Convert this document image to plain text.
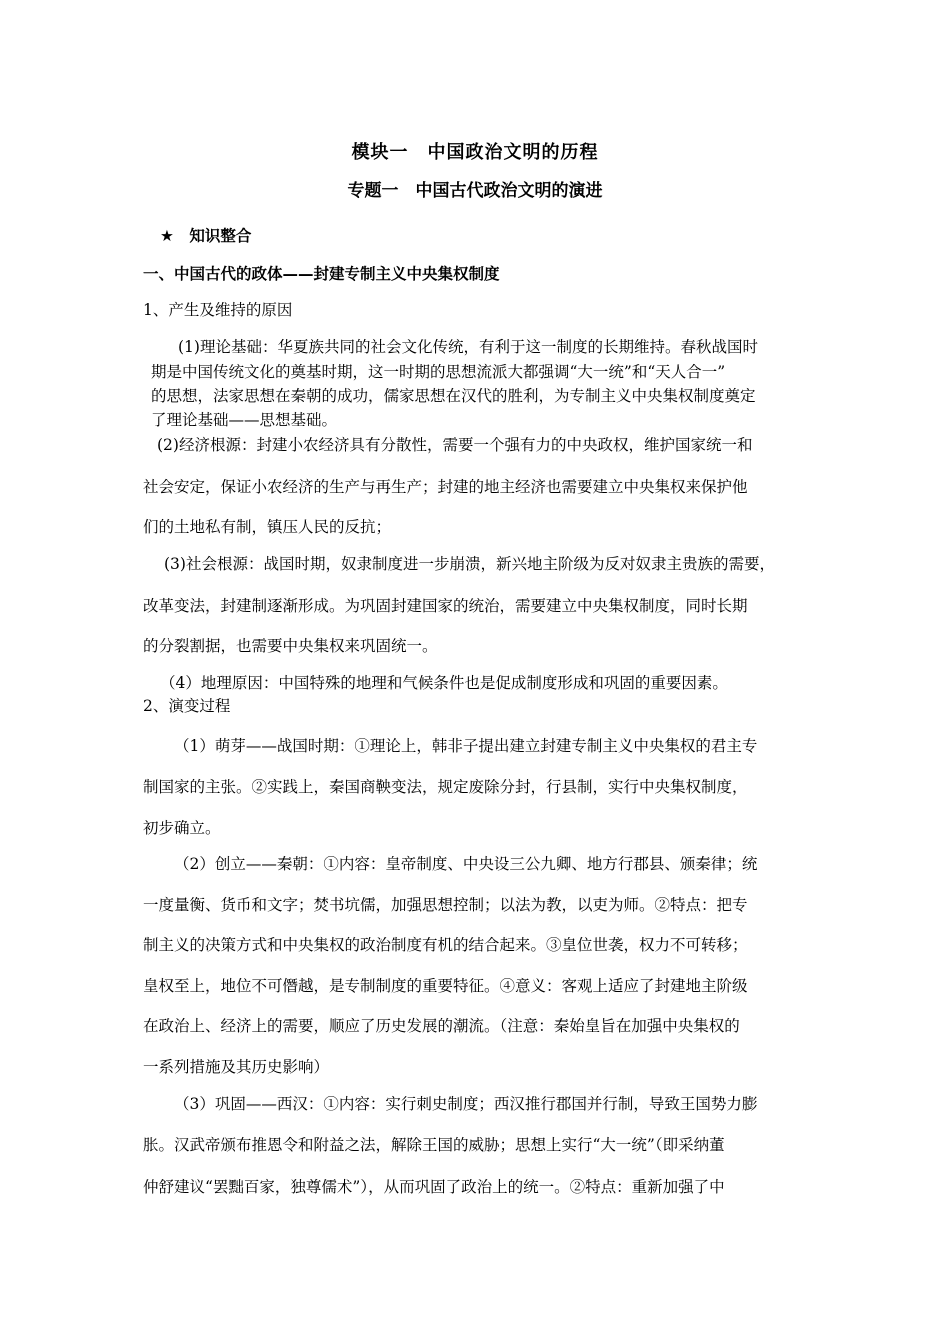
模块一　中国政治文明的历程
专题一　中国古代政治文明的演进
★　知识整合
一、中国古代的政体——封建专制主义中央集权制度
1、产生及维持的原因
(1)理论基础：华夏族共同的社会文化传统，有利于这一制度的长期维持。春秋战国时
期是中国传统文化的奠基时期，这一时期的思想流派大都强调“大一统”和“天人合一”
的思想，法家思想在秦朝的成功，儒家思想在汉代的胜利，为专制主义中央集权制度奠定
了理论基础——思想基础。
(2)经济根源：封建小农经济具有分散性，需要一个强有力的中央政权，维护国家统一和
社会安定，保证小农经济的生产与再生产；封建的地主经济也需要建立中央集权来保护他
们的土地私有制，镇压人民的反抗；
(3)社会根源：战国时期，奴隶制度进一步崩溃，新兴地主阶级为反对奴隶主贵族的需要，
改革变法，封建制逐渐形成。为巩固封建国家的统治，需要建立中央集权制度，同时长期
的分裂割据，也需要中央集权来巩固统一。
（4）地理原因：中国特殊的地理和气候条件也是促成制度形成和巩固的重要因素。
2、演变过程
（1）萌芽——战国时期：①理论上，韩非子提出建立封建专制主义中央集权的君主专
制国家的主张。②实践上，秦国商鞅变法，规定废除分封，行县制，实行中央集权制度，
初步确立。
（2）创立——秦朝：①内容：皇帝制度、中央设三公九卿、地方行郡县、颁秦律；统
一度量衡、货币和文字；焚书坑儒，加强思想控制；以法为教，以吏为师。②特点：把专
制主义的决策方式和中央集权的政治制度有机的结合起来。③皇位世袭，权力不可转移；
皇权至上，地位不可僭越，是专制制度的重要特征。④意义：客观上适应了封建地主阶级
在政治上、经济上的需要，顺应了历史发展的潮流。（注意：秦始皇旨在加强中央集权的
一系列措施及其历史影响）
（3）巩固——西汉：①内容：实行刺史制度；西汉推行郡国并行制，导致王国势力膨
胀。汉武帝颁布推恩令和附益之法，解除王国的威胁；思想上实行“大一统”（即采纳董
仲舒建议“罢黜百家，独尊儒术”），从而巩固了政治上的统一。②特点：重新加强了中
